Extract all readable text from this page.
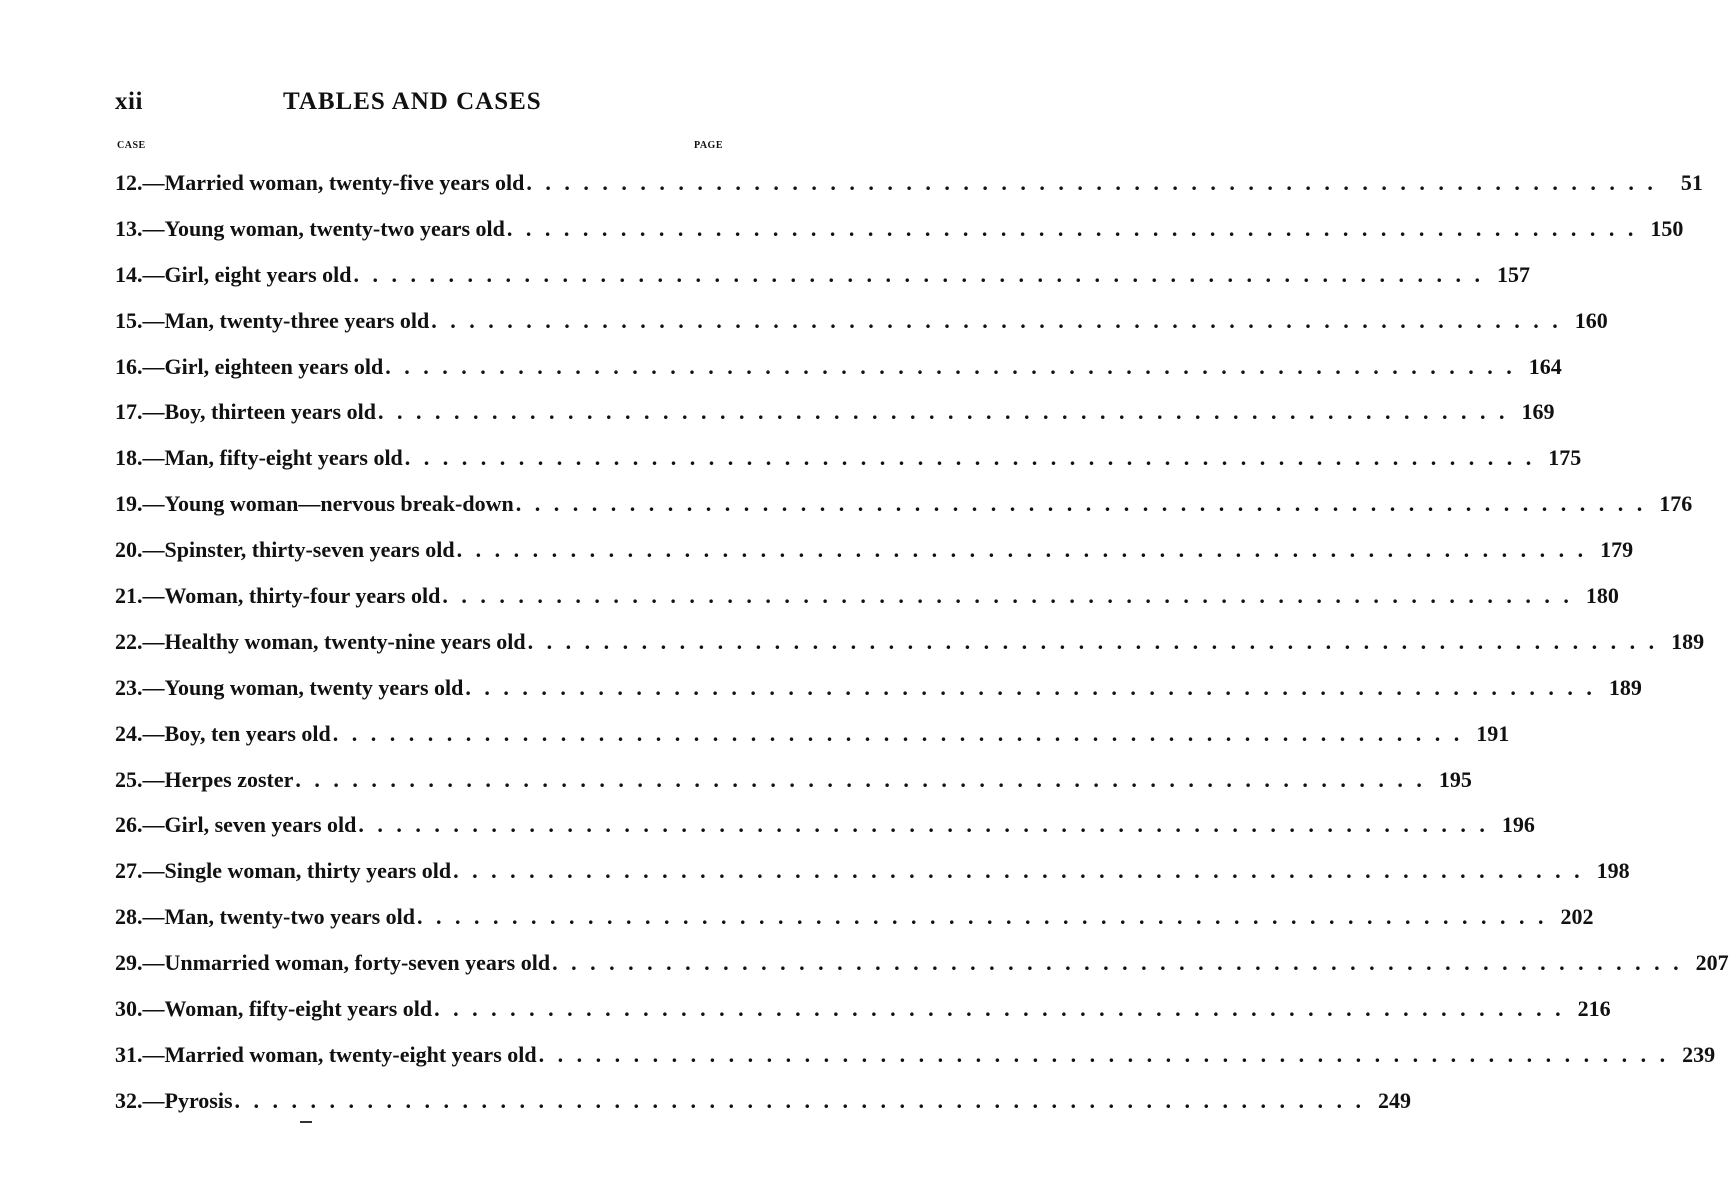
xii	TABLES AND CASES
CASE	PAGE
12.—Married woman, twenty-five years old . . . . . . . . . . . . . . . . . . . . . . . . . . . . . . . . . . . . . . . . . . . . . . . . . . . . . . . . . . . .	51
13.—Young woman, twenty-two years old . . . . . . . . . . . . . . . . . . . . . . . . . . . . . . . . . . . . . . . . . . . . . . . . . . . . . . . . . . . . 150
14.—Girl, eight years old . . . . . . . . . . . . . . . . . . . . . . . . . . . . . . . . . . . . . . . . . . . . . . . . . . . . . . . . . . . . 157
15.—Man, twenty-three years old . . . . . . . . . . . . . . . . . . . . . . . . . . . . . . . . . . . . . . . . . . . . . . . . . . . . . . . . . . . . 160
16.—Girl, eighteen years old . . . . . . . . . . . . . . . . . . . . . . . . . . . . . . . . . . . . . . . . . . . . . . . . . . . . . . . . . . . . 164
17.—Boy, thirteen years old . . . . . . . . . . . . . . . . . . . . . . . . . . . . . . . . . . . . . . . . . . . . . . . . . . . . . . . . . . . . 169
18.—Man, fifty-eight years old . . . . . . . . . . . . . . . . . . . . . . . . . . . . . . . . . . . . . . . . . . . . . . . . . . . . . . . . . . . . 175
19.—Young woman—nervous break-down . . . . . . . . . . . . . . . . . . . . . . . . . . . . . . . . . . . . . . . . . . . . . . . . . . . . . . . . . . . . 176
20.—Spinster, thirty-seven years old . . . . . . . . . . . . . . . . . . . . . . . . . . . . . . . . . . . . . . . . . . . . . . . . . . . . . . . . . . . . 179
21.—Woman, thirty-four years old . . . . . . . . . . . . . . . . . . . . . . . . . . . . . . . . . . . . . . . . . . . . . . . . . . . . . . . . . . . . 180
22.—Healthy woman, twenty-nine years old . . . . . . . . . . . . . . . . . . . . . . . . . . . . . . . . . . . . . . . . . . . . . . . . . . . . . . . . . . . . 189
23.—Young woman, twenty years old . . . . . . . . . . . . . . . . . . . . . . . . . . . . . . . . . . . . . . . . . . . . . . . . . . . . . . . . . . . . 189
24.—Boy, ten years old . . . . . . . . . . . . . . . . . . . . . . . . . . . . . . . . . . . . . . . . . . . . . . . . . . . . . . . . . . . . 191
25.—Herpes zoster . . . . . . . . . . . . . . . . . . . . . . . . . . . . . . . . . . . . . . . . . . . . . . . . . . . . . . . . . . . . 195
26.—Girl, seven years old . . . . . . . . . . . . . . . . . . . . . . . . . . . . . . . . . . . . . . . . . . . . . . . . . . . . . . . . . . . . 196
27.—Single woman, thirty years old . . . . . . . . . . . . . . . . . . . . . . . . . . . . . . . . . . . . . . . . . . . . . . . . . . . . . . . . . . . . 198
28.—Man, twenty-two years old . . . . . . . . . . . . . . . . . . . . . . . . . . . . . . . . . . . . . . . . . . . . . . . . . . . . . . . . . . . . 202
29.—Unmarried woman, forty-seven years old . . . . . . . . . . . . . . . . . . . . . . . . . . . . . . . . . . . . . . . . . . . . . . . . . . . . . . . . . . . . 207
30.—Woman, fifty-eight years old . . . . . . . . . . . . . . . . . . . . . . . . . . . . . . . . . . . . . . . . . . . . . . . . . . . . . . . . . . . . 216
31.—Married woman, twenty-eight years old . . . . . . . . . . . . . . . . . . . . . . . . . . . . . . . . . . . . . . . . . . . . . . . . . . . . . . . . . . . . 239
32.—Pyrosis . . . . . . . . . . . . . . . . . . . . . . . . . . . . . . . . . . . . . . . . . . . . . . . . . . . . . . . . . . . . 249
